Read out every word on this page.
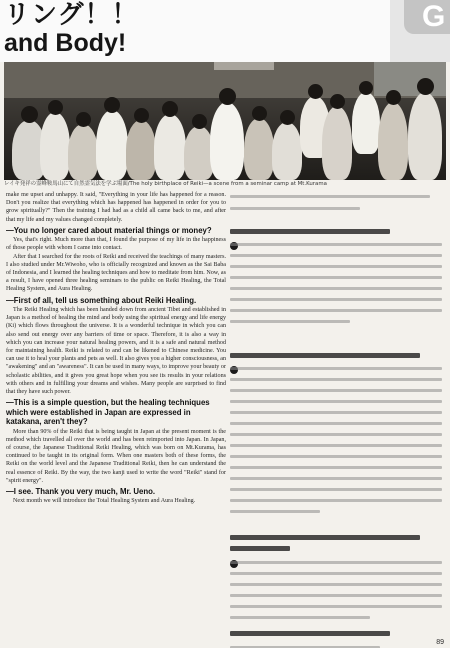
リング！！
and Body!
G
レイキ発祥の霊峰鞍馬山にて自然霊気法を学ぶ場面/The holy birthplace of Reiki—a scene from a seminar camp at Mt.Kurama

make me upset and unhappy. It said, "Everything in your life has happened for a reason. Don't you realize that everything which has happened has happened in order for you to grow spiritually?" Then the training I had had as a child all came back to me, and after that my life and my values changed completely.

—You no longer cared about material things or money?

Yes, that's right. Much more than that, I found the purpose of my life in the happiness of those people with whom I came into contact.

After that I searched for the roots of Reiki and received the teachings of many masters. I also studied under Mr.Wiwoho, who is officially recognized and known as the Sai Baba of Indonesia, and I learned the healing techniques and how to meditate from him. Now, as a result, I have opened three healing seminars to the public on Reiki Healing, the Total Healing System, and Aura Healing.

—First of all, tell us something about Reiki Healing.

The Reiki Healing which has been handed down from ancient Tibet and established in Japan is a method of healing the mind and body using the spiritual energy and life energy (Ki) which flows throughout the universe. It is a wonderful technique in which you can also send out energy over any barriers of time or space. Therefore, it is also a way in which you can increase your natural healing powers, and it is a safe and natural method for maintaining health. Reiki is related to and can be likened to Chinese medicine. You can use it to heal your plants and pets as well. It also gives you a higher consciousness, an "awakening" and an "awareness". It can be used in many ways, to improve your beauty or scholastic abilities, and it gives you great hope when you see its results in your relations with others and in fulfilling your dreams and wishes. Many people are surprised to find that they have such power.

—This is a simple question, but the healing techniques which were established in Japan are expressed in katakana, aren't they?

More than 90% of the Reiki that is being taught in Japan at the present moment is the method which travelled all over the world and has been reimported into Japan. In Japan, of course, the Japanese Traditional Reiki Healing, which was born on Mt.Kurama, has continued to be taught in its original form. When one masters both of these forms, the Reiki on the world level and the Japanese Traditional Reiki, then he can understand the real essence of Reiki. By the way, the two kanji used to write the word "Reiki" stand for "spirit energy".

—I see. Thank you very much, Mr. Ueno.

Next month we will introduce the Total Healing System and Aura Healing.

89
